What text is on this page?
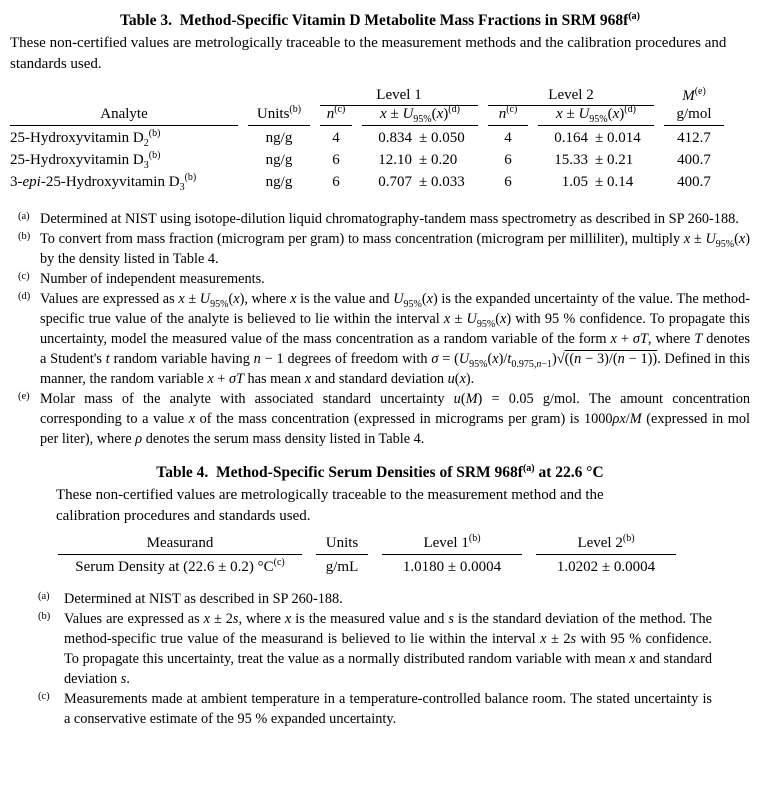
Table 3.  Method-Specific Vitamin D Metabolite Mass Fractions in SRM $968f^{(a)}$
These non-certified values are metrologically traceable to the measurement methods and the calibration procedures and standards used.
		Level 1		Level 2		$M^{(e)}$
Analyte	Units$^{(b)}$	$n^{(c)}$	$x \pm U_{95\%}(x)^{(d)}$	$n^{(c)}$	$x \pm U_{95\%}(x)^{(d)}$	g/mol
25-Hydroxyvitamin $D_2^{(b)}$	ng/g	4	0.834 ± 0.050	4	0.164 ± 0.014	412.7
25-Hydroxyvitamin $D_3^{(b)}$	ng/g	6	12.10 ± 0.20	6	15.33 ± 0.21	400.7
3-epi-25-Hydroxyvitamin $D_3^{(b)}$	ng/g	6	0.707 ± 0.033	6	1.05 ± 0.14	400.7
(a) Determined at NIST using isotope-dilution liquid chromatography-tandem mass spectrometry as described in SP 260-188.
(b) To convert from mass fraction (microgram per gram) to mass concentration (microgram per milliliter), multiply $x \pm U_{95\%}(x)$ by the density listed in Table 4.
(c) Number of independent measurements.
(d) Values are expressed as $x \pm U_{95\%}(x)$, where x is the value and $U_{95\%}(x)$ is the expanded uncertainty of the value. The method-specific true value of the analyte is believed to lie within the interval $x \pm U_{95\%}(x)$ with 95 % confidence. To propagate this uncertainty, model the measured value of the mass concentration as a random variable of the form x + σT, where T denotes a Student's t random variable having n − 1 degrees of freedom with $\sigma = (U_{95\%}(x)/t_{0.975,n-1})√((n - 3)/(n - 1))$. Defined in this manner, the random variable x + σT has mean x and standard deviation u(x).
(e) Molar mass of the analyte with associated standard uncertainty u(M) = 0.05 g/mol. The amount concentration corresponding to a value x of the mass concentration (expressed in micrograms per gram) is 1000ρx/M (expressed in mol per liter), where ρ denotes the serum mass density listed in Table 4.
Table 4.  Method-Specific Serum Densities of SRM $968f^{(a)}$ at 22.6 °C
These non-certified values are metrologically traceable to the measurement method and the calibration procedures and standards used.
Measurand	Units	Level 1$^{(b)}$	Level 2$^{(b)}$
Serum Density at (22.6 ± 0.2) $^\circ C^{(c)}$	g/mL	1.0180 ± 0.0004	1.0202 ± 0.0004
(a)	Determined at NIST as described in SP 260-188.
(b) Values are expressed as x ± 2s, where x is the measured value and s is the standard deviation of the method. The method-specific true value of the measurand is believed to lie within the interval x ± 2s with 95 % confidence. To propagate this uncertainty, treat the value as a normally distributed random variable with mean x and standard deviation s.
(c)	Measurements made at ambient temperature in a temperature-controlled balance room. The stated uncertainty is a conservative estimate of the 95 % expanded uncertainty.
